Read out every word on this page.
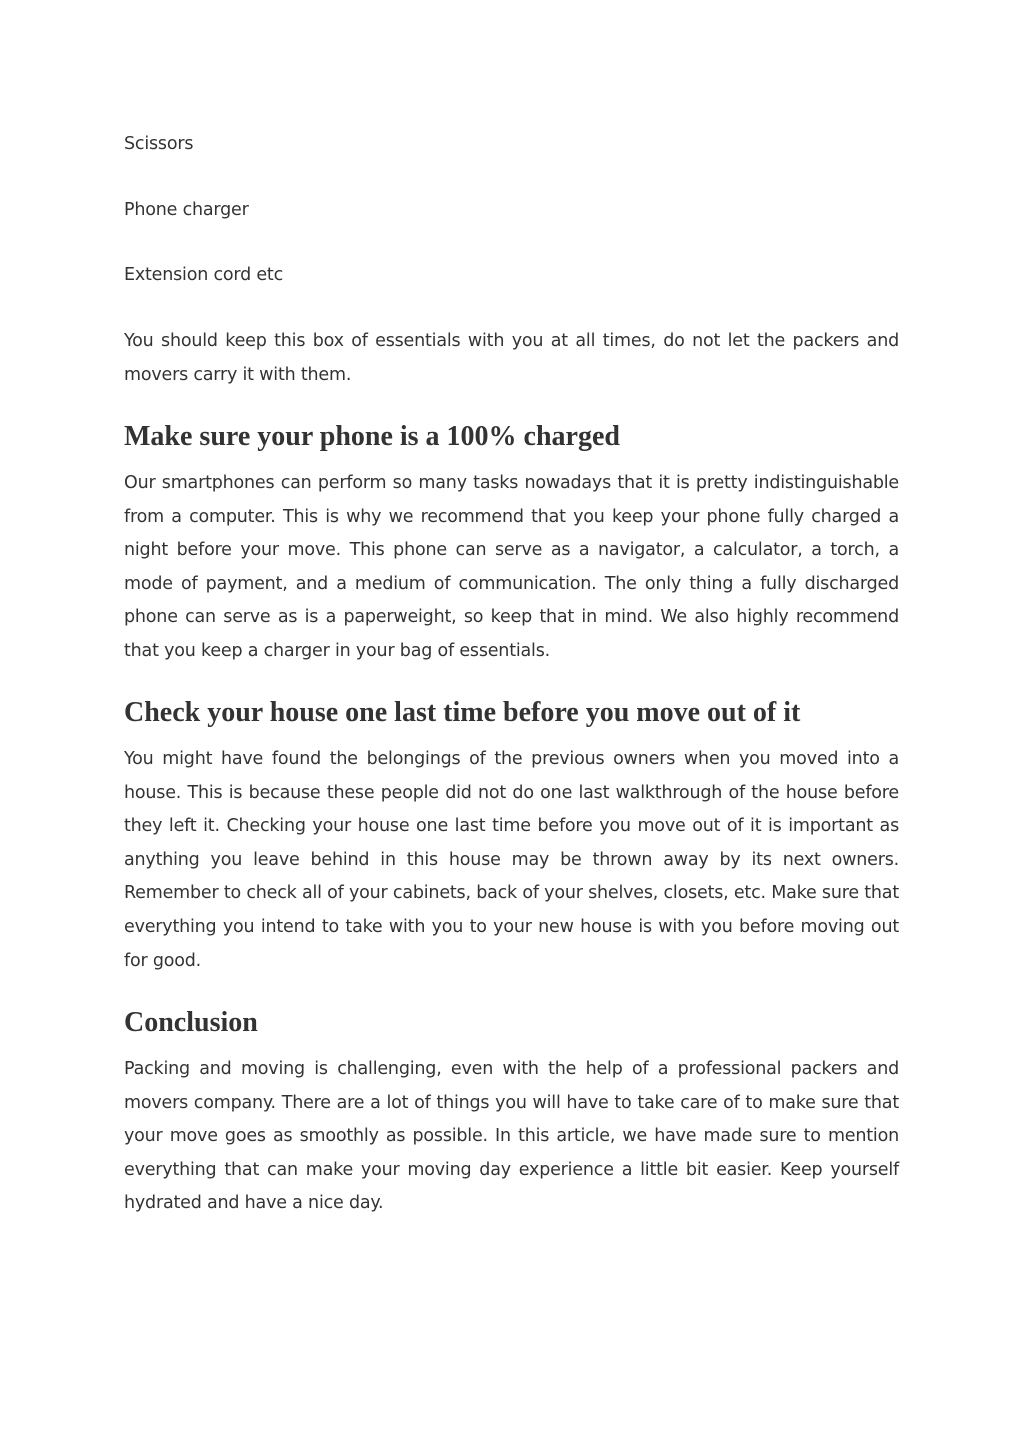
Scissors

Phone charger

Extension cord etc

You should keep this box of essentials with you at all times, do not let the packers and movers carry it with them.

Make sure your phone is a 100% charged

Our smartphones can perform so many tasks nowadays that it is pretty indistinguishable from a computer. This is why we recommend that you keep your phone fully charged a night before your move. This phone can serve as a navigator, a calculator, a torch, a mode of payment, and a medium of communication. The only thing a fully discharged phone can serve as is a paperweight, so keep that in mind. We also highly recommend that you keep a charger in your bag of essentials.

Check your house one last time before you move out of it

You might have found the belongings of the previous owners when you moved into a house. This is because these people did not do one last walkthrough of the house before they left it. Checking your house one last time before you move out of it is important as anything you leave behind in this house may be thrown away by its next owners. Remember to check all of your cabinets, back of your shelves, closets, etc. Make sure that everything you intend to take with you to your new house is with you before moving out for good.

Conclusion

Packing and moving is challenging, even with the help of a professional packers and movers company. There are a lot of things you will have to take care of to make sure that your move goes as smoothly as possible. In this article, we have made sure to mention everything that can make your moving day experience a little bit easier. Keep yourself hydrated and have a nice day.
